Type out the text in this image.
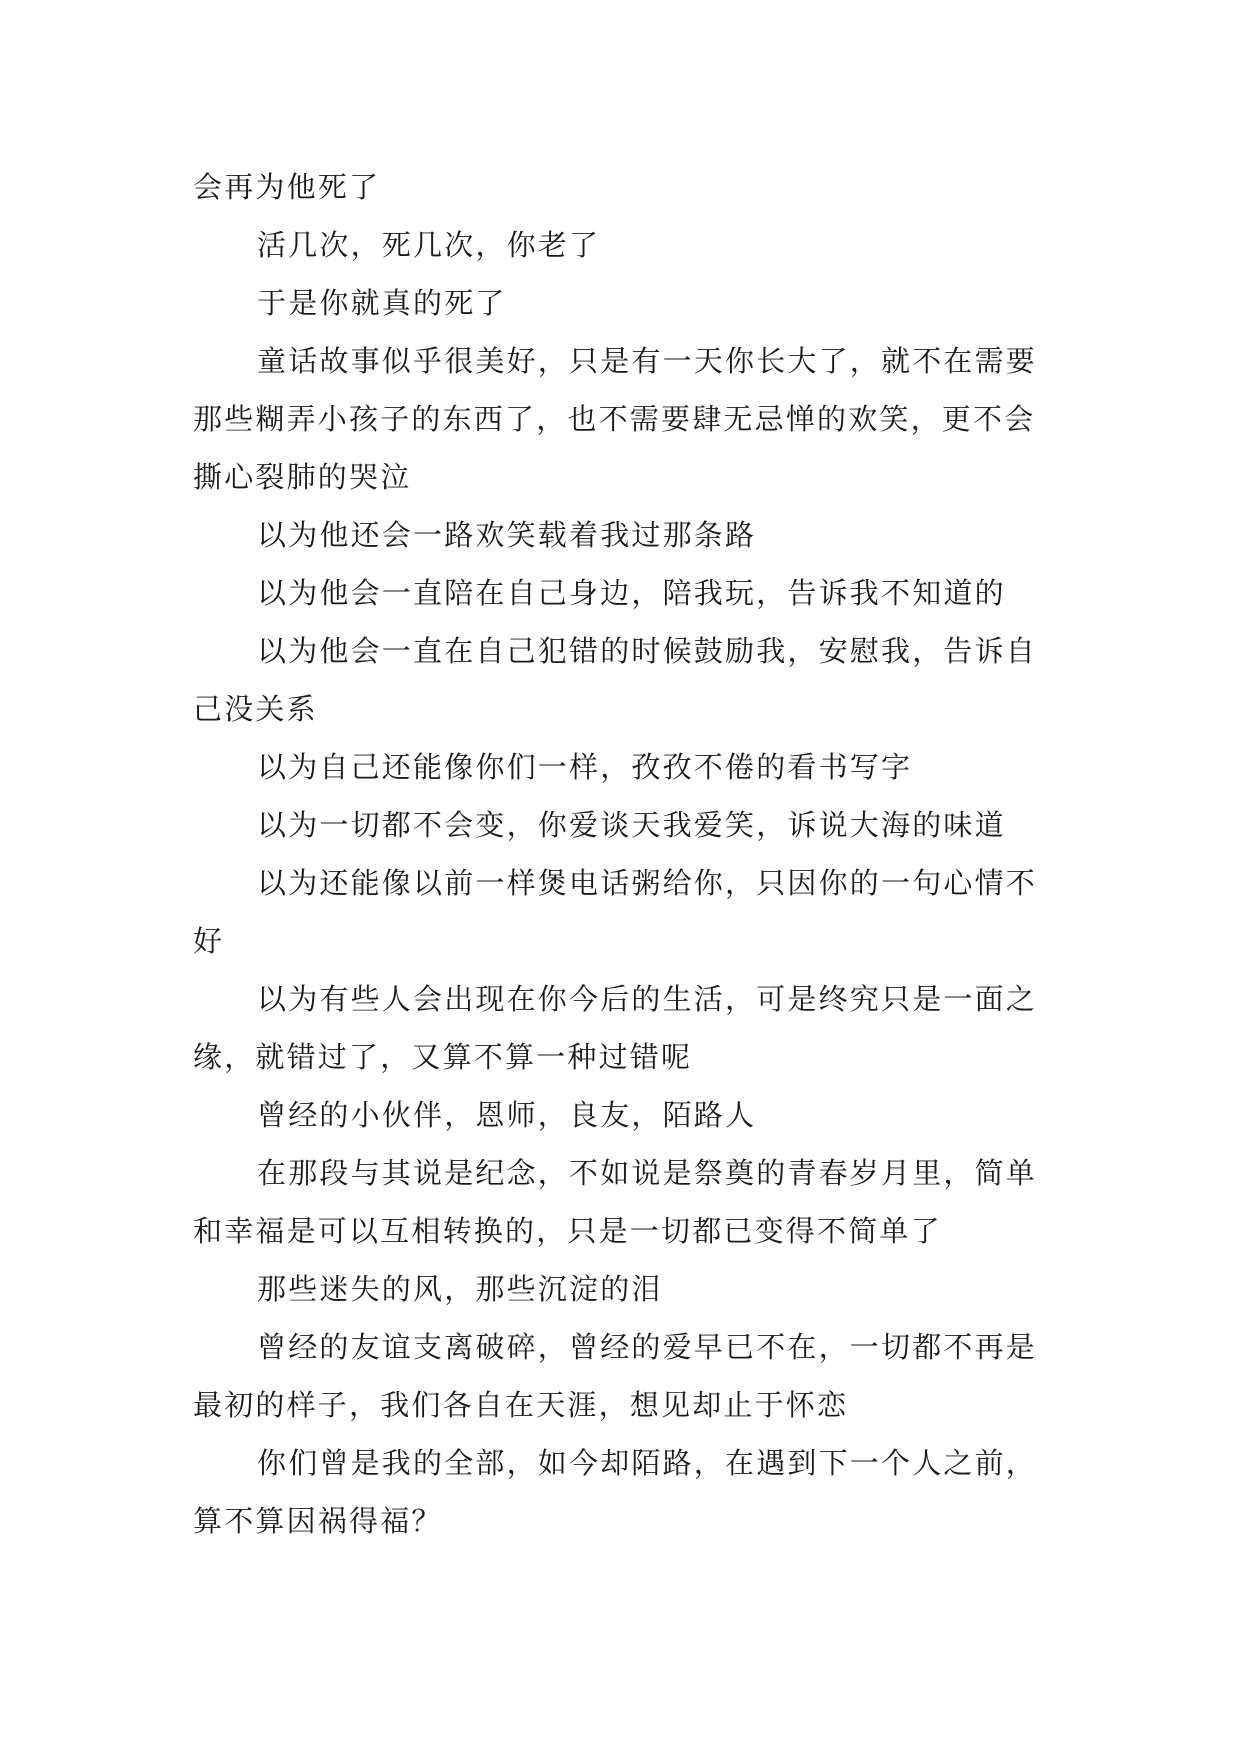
会再为他死了

活几次，死几次，你老了

于是你就真的死了

童话故事似乎很美好，只是有一天你长大了，就不在需要那些糊弄小孩子的东西了，也不需要肆无忌惮的欢笑，更不会撕心裂肺的哭泣

以为他还会一路欢笑载着我过那条路

以为他会一直陪在自己身边，陪我玩，告诉我不知道的

以为他会一直在自己犯错的时候鼓励我，安慰我，告诉自己没关系

以为自己还能像你们一样，孜孜不倦的看书写字

以为一切都不会变，你爱谈天我爱笑，诉说大海的味道

以为还能像以前一样煲电话粥给你，只因你的一句心情不好

以为有些人会出现在你今后的生活，可是终究只是一面之缘，就错过了，又算不算一种过错呢

曾经的小伙伴，恩师，良友，陌路人

在那段与其说是纪念，不如说是祭奠的青春岁月里，简单和幸福是可以互相转换的，只是一切都已变得不简单了

那些迷失的风，那些沉淀的泪

曾经的友谊支离破碎，曾经的爱早已不在，一切都不再是最初的样子，我们各自在天涯，想见却止于怀恋

你们曾是我的全部，如今却陌路，在遇到下一个人之前，算不算因祸得福？
